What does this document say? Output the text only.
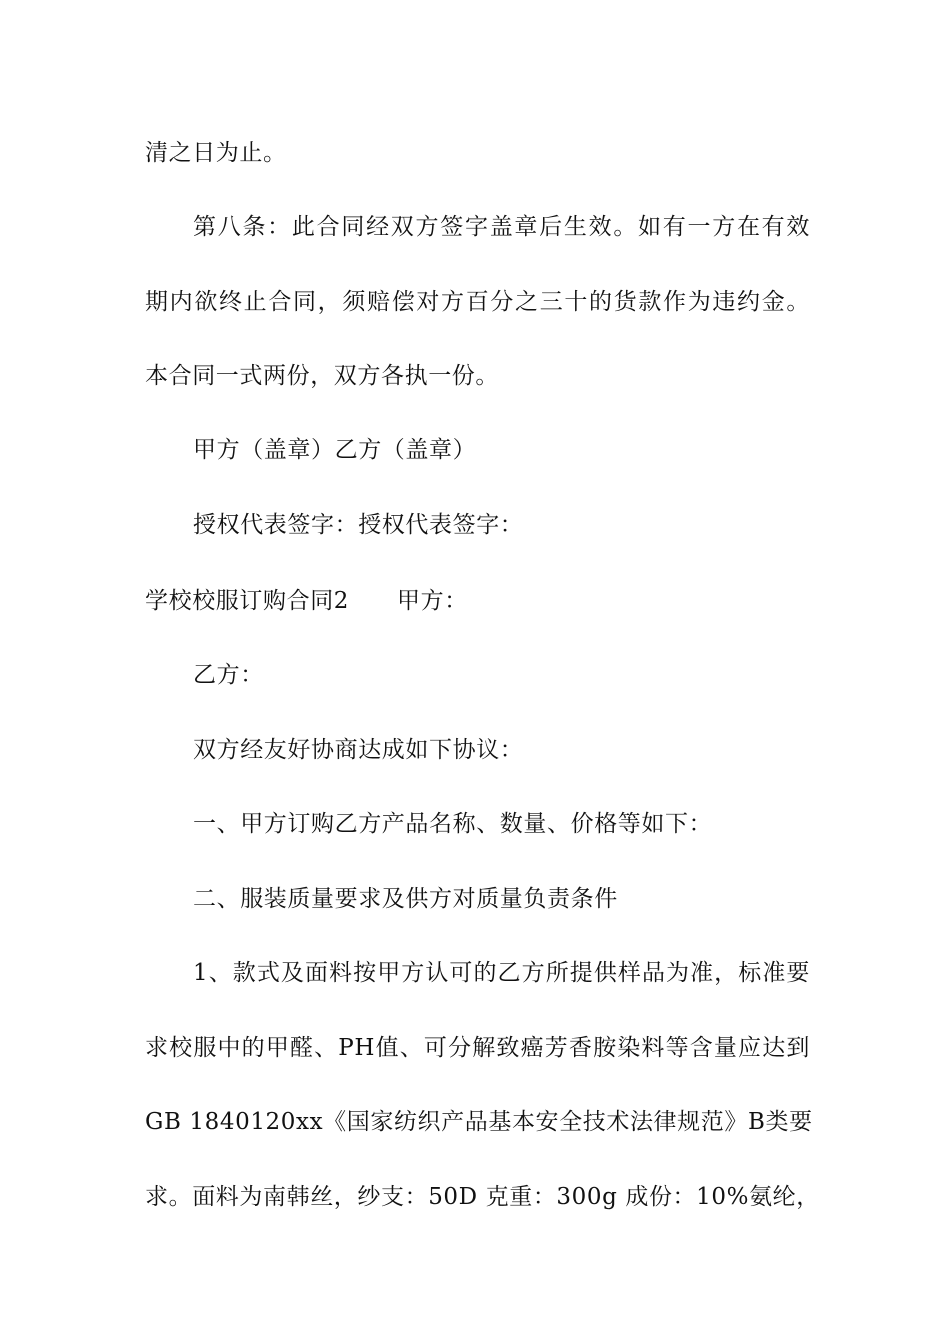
清之日为止。
第八条：此合同经双方签字盖章后生效。如有一方在有效
期内欲终止合同，须赔偿对方百分之三十的货款作为违约金。
本合同一式两份，双方各执一份。
甲方（盖章）乙方（盖章）
授权代表签字：授权代表签字：
学校校服订购合同2 甲方：
乙方：
双方经友好协商达成如下协议：
一、甲方订购乙方产品名称、数量、价格等如下：
二、服装质量要求及供方对质量负责条件
1、款式及面料按甲方认可的乙方所提供样品为准，标准要
求校服中的甲醛、PH值、可分解致癌芳香胺染料等含量应达到
GB 1840120xx《国家纺织产品基本安全技术法律规范》B类要
求。面料为南韩丝，纱支：50D 克重：300g 成份：10%氨纶，
